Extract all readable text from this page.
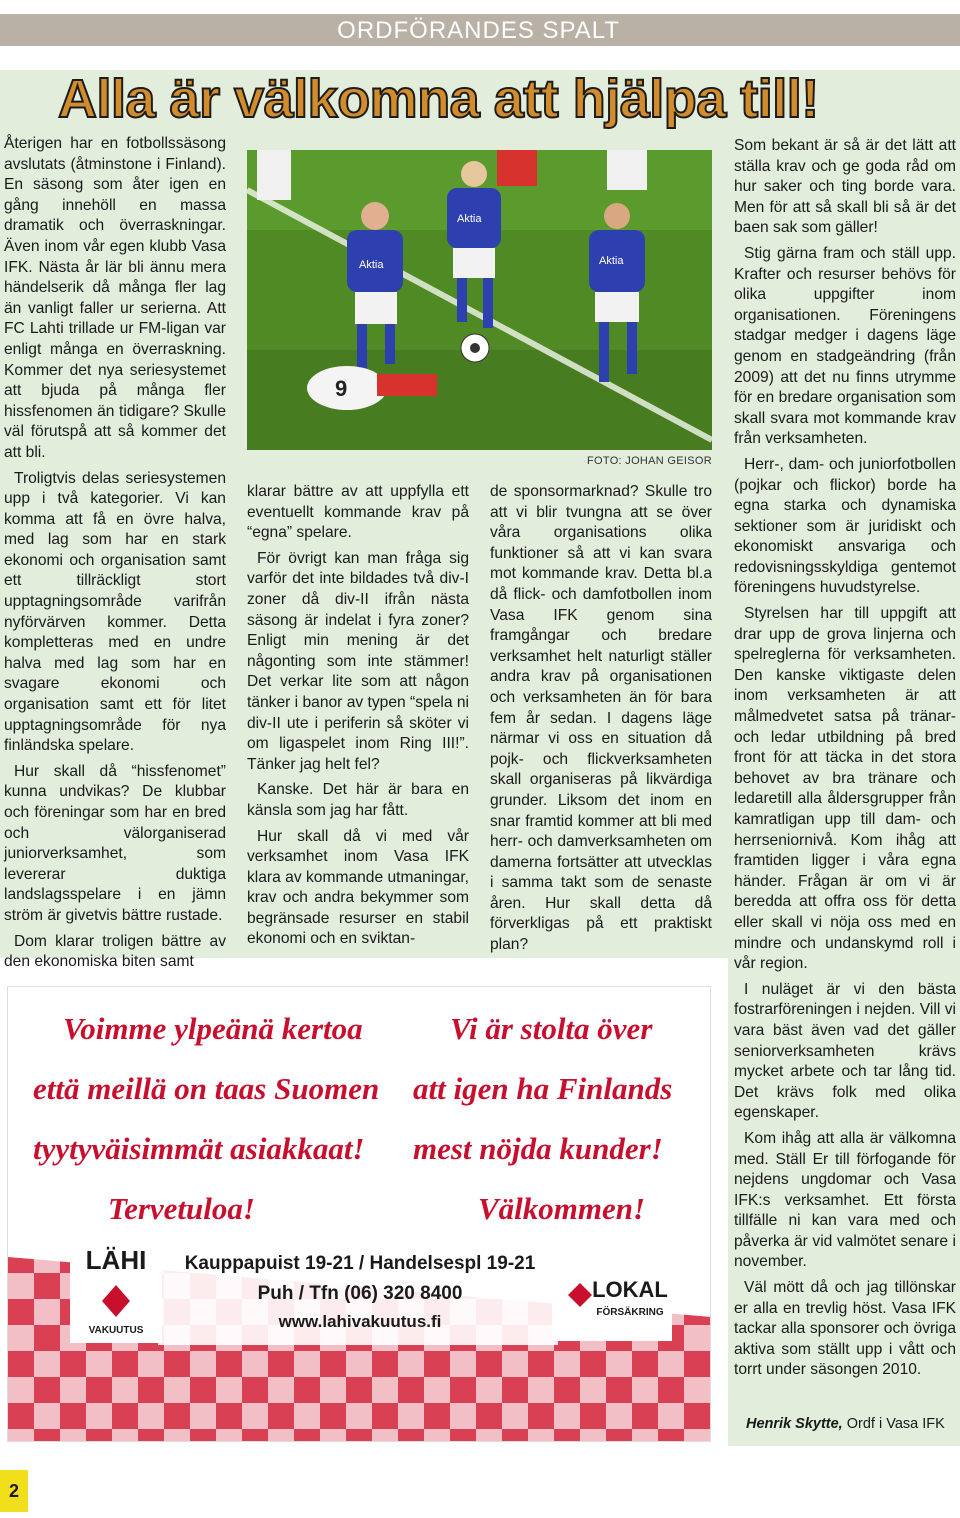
ORDFÖRANDES SPALT
Alla är välkomna att hjälpa till!

Återigen har en fotbollssäsong avslutats (åtminstone i Finland). En säsong som åter igen en gång innehöll en massa dramatik och överraskningar. Även inom vår egen klubb Vasa IFK. Nästa år lär bli ännu mera händelserik då många fler lag än vanligt faller ur serierna. Att FC Lahti trillade ur FM-ligan var enligt många en överraskning. Kommer det nya seriesystemet att bjuda på många fler hissfenomen än tidigare? Skulle väl förutspå att så kommer det att bli.

Troligtvis delas seriesystemen upp i två kategorier. Vi kan komma att få en övre halva, med lag som har en stark ekonomi och organisation samt ett tillräckligt stort upptagningsområde varifrån nyförvärven kommer. Detta kompletteras med en undre halva med lag som har en svagare ekonomi och organisation samt ett för litet upptagningsområde för nya finländska spelare.

Hur skall då “hissfenomet” kunna undvikas? De klubbar och föreningar som har en bred och välorganiserad juniorverksamhet, som levererar duktiga landslagsspelare i en jämn ström är givetvis bättre rustade.

Dom klarar troligen bättre av den ekonomiska biten samt

Aktia
Aktia
Aktia
9
FOTO: JOHAN GEISOR

klarar bättre av att uppfylla ett eventuellt kommande krav på “egna” spelare.

För övrigt kan man fråga sig varför det inte bildades två div-I zoner då div-II ifrån nästa säsong är indelat i fyra zoner? Enligt min mening är det någonting som inte stämmer! Det verkar lite som att någon tänker i banor av typen “spela ni div-II ute i periferin så sköter vi om ligaspelet inom Ring III!”. Tänker jag helt fel?

Kanske. Det här är bara en känsla som jag har fått.

Hur skall då vi med vår verksamhet inom Vasa IFK klara av kommande utmaningar, krav och andra bekymmer som begränsade resurser en stabil ekonomi och en sviktan-

de sponsormarknad? Skulle tro att vi blir tvungna att se över våra organisations olika funktioner så att vi kan svara mot kommande krav. Detta bl.a då flick- och damfotbollen inom Vasa IFK genom sina framgångar och bredare verksamhet helt naturligt ställer andra krav på organisationen och verksamheten än för bara fem år sedan. I dagens läge närmar vi oss en situation då pojk- och flickverksamheten skall organiseras på likvärdiga grunder. Liksom det inom en snar framtid kommer att bli med herr- och damverksamheten om damerna fortsätter att utvecklas i samma takt som de senaste åren. Hur skall detta då förverkligas på ett praktiskt plan?

Som bekant är så är det lätt att ställa krav och ge goda råd om hur saker och ting borde vara. Men för att så skall bli så är det baen sak som gäller!

Stig gärna fram och ställ upp. Krafter och resurser behövs för olika uppgifter inom organisationen. Föreningens stadgar medger i dagens läge genom en stadgeändring (från 2009) att det nu finns utrymme för en bredare organisation som skall svara mot kommande krav från verksamheten.

Herr-, dam- och juniorfotbollen (pojkar och flickor) borde ha egna starka och dynamiska sektioner som är juridiskt och ekonomiskt ansvariga och redovisningsskyldiga gentemot föreningens huvudstyrelse.

Styrelsen har till uppgift att drar upp de grova linjerna och spelreglerna för verksamheten. Den kanske viktigaste delen inom verksamheten är att målmedvetet satsa på tränar- och ledar utbildning på bred front för att täcka in det stora behovet av bra tränare och ledaretill alla åldersgrupper från kamratligan upp till dam- och herrseniornivå. Kom ihåg att framtiden ligger i våra egna händer. Frågan är om vi är beredda att offra oss för detta eller skall vi nöja oss med en mindre och undanskymd roll i vår region.

I nuläget är vi den bästa fostrarföreningen i nejden. Vill vi vara bäst även vad det gäller seniorverksamheten krävs mycket arbete och tar lång tid. Det krävs folk med olika egenskaper.

Kom ihåg att alla är välkomna med. Ställ Er till förfogande för nejdens ungdomar och Vasa IFK:s verksamhet. Ett första tillfälle ni kan vara med och påverka är vid valmötet senare i november.

Väl mött då och jag tillönskar er alla en trevlig höst. Vasa IFK tackar alla sponsorer och övriga aktiva som ställt upp i vått och torrt under säsongen 2010.

Henrik Skytte, Ordf i Vasa IFK
Voimme ylpeänä kertoa
että meillä on taas Suomen
tyytyväisimmät asiakkaat!
Tervetuloa!
Vi är stolta över
att igen ha Finlands
mest nöjda kunder!
Välkommen!
Kauppapuist 19-21 / Handelsespl 19-21
Puh / Tfn (06) 320 8400
www.lahivakuutus.fi
LÄHI
VAKUUTUS
LOKAL
FÖRSÄKRING
2
